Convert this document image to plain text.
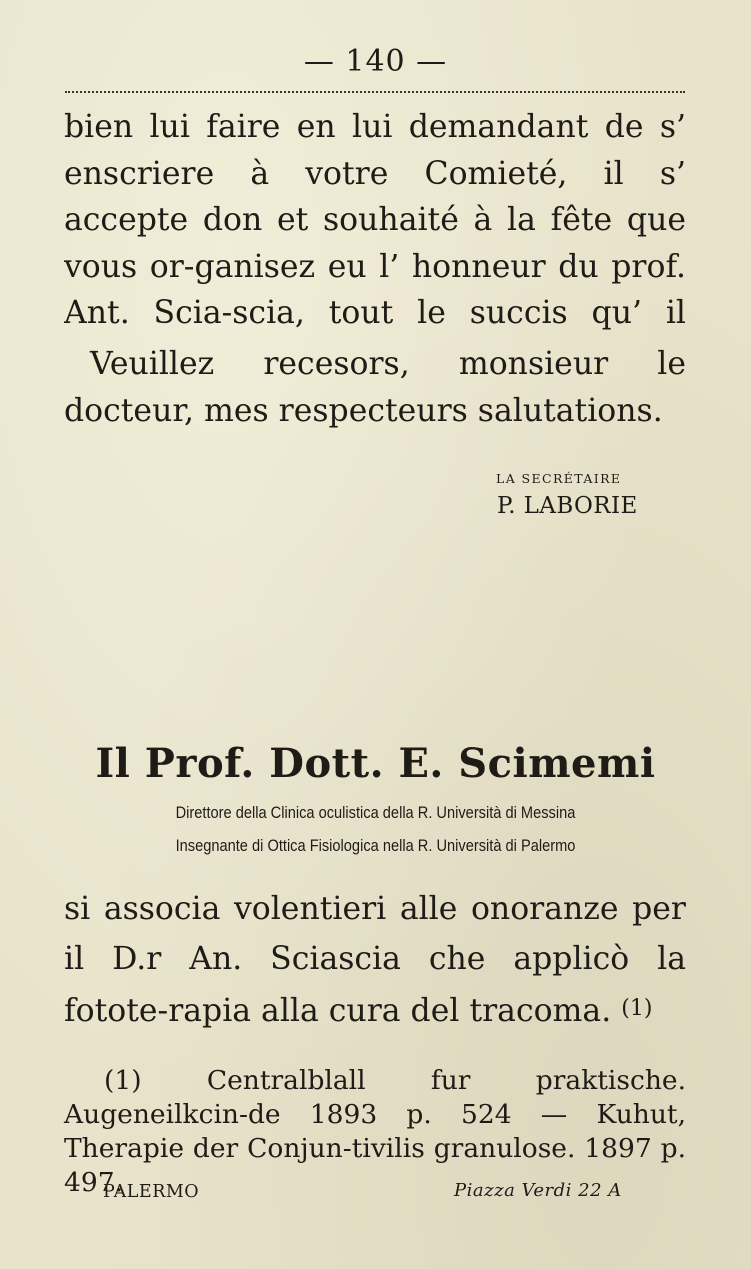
— 140 —
bien lui faire en lui demandant de s’ enscriere à votre Comieté, il s’ accepte don et souhaité à la fête que vous or-ganisez eu l’ honneur du prof. Ant. Scia-scia, tout le succis qu’ il
Veuillez recesors, monsieur le docteur, mes respecteurs salutations.
LA SECRÉTAIRE
P. LABORIE
Il Prof. Dott. E. Scimemi
Direttore della Clinica oculistica della R. Università di Messina
Insegnante di Ottica Fisiologica nella R. Università di Palermo
si associa volentieri alle onoranze per il D.r An. Sciascia che applicò la fotote-rapia alla cura del tracoma. (1)
(1) Centralblall fur praktische. Augeneilkcin-de 1893 p. 524 — Kuhut, Therapie der Conjun-tivilis granulose. 1897 p. 497.
PALERMO	Piazza Verdi 22 A
